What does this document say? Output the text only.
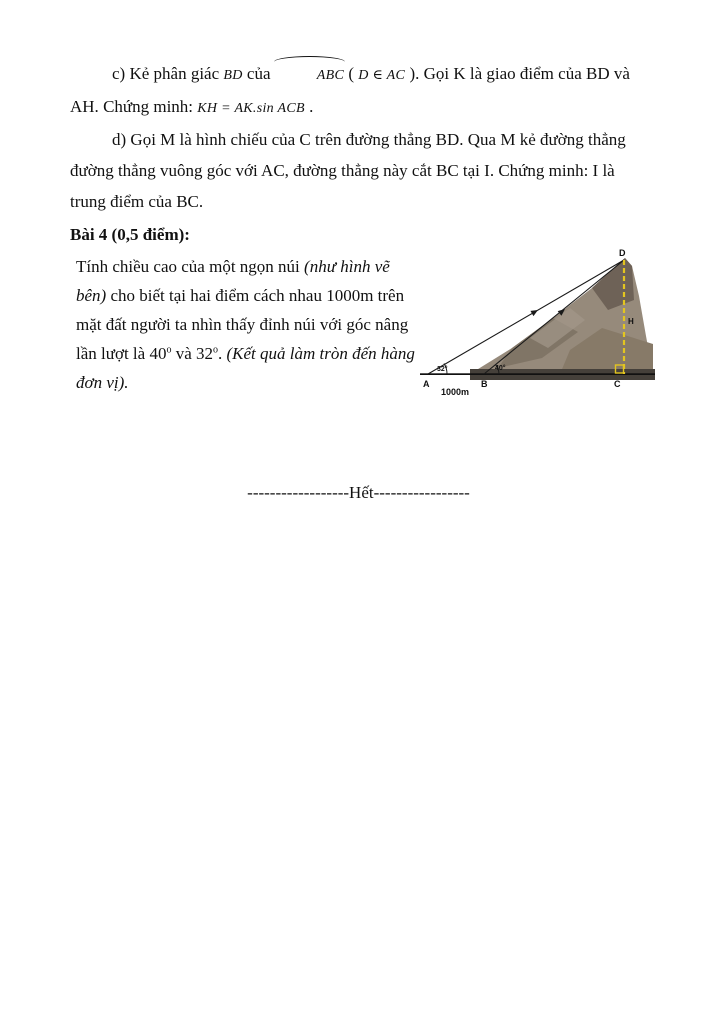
c) Kẻ phân giác BD của	ABC ( D ∈ AC ). Gọi K là giao điểm của BD và AH. Chứng minh: KH = AK.sin ACB .

d) Gọi M là hình chiếu của C trên đường thẳng BD. Qua M kẻ đường thẳng đường thẳng vuông góc với AC, đường thẳng này cắt BC tại I. Chứng minh: I là trung điểm của BC.

Bài 4 (0,5 điểm):

Tính chiều cao của một ngọn núi (như hình vẽ bên) cho biết tại hai điểm cách nhau 1000m trên mặt đất người ta nhìn thấy đỉnh núi với góc nâng lần lượt là 40$^o$ và 32$^o$. (Kết quả làm tròn đến hàng đơn vị).	A	B	C
D
H
32°	40°
1000m

------------------Hết-----------------
